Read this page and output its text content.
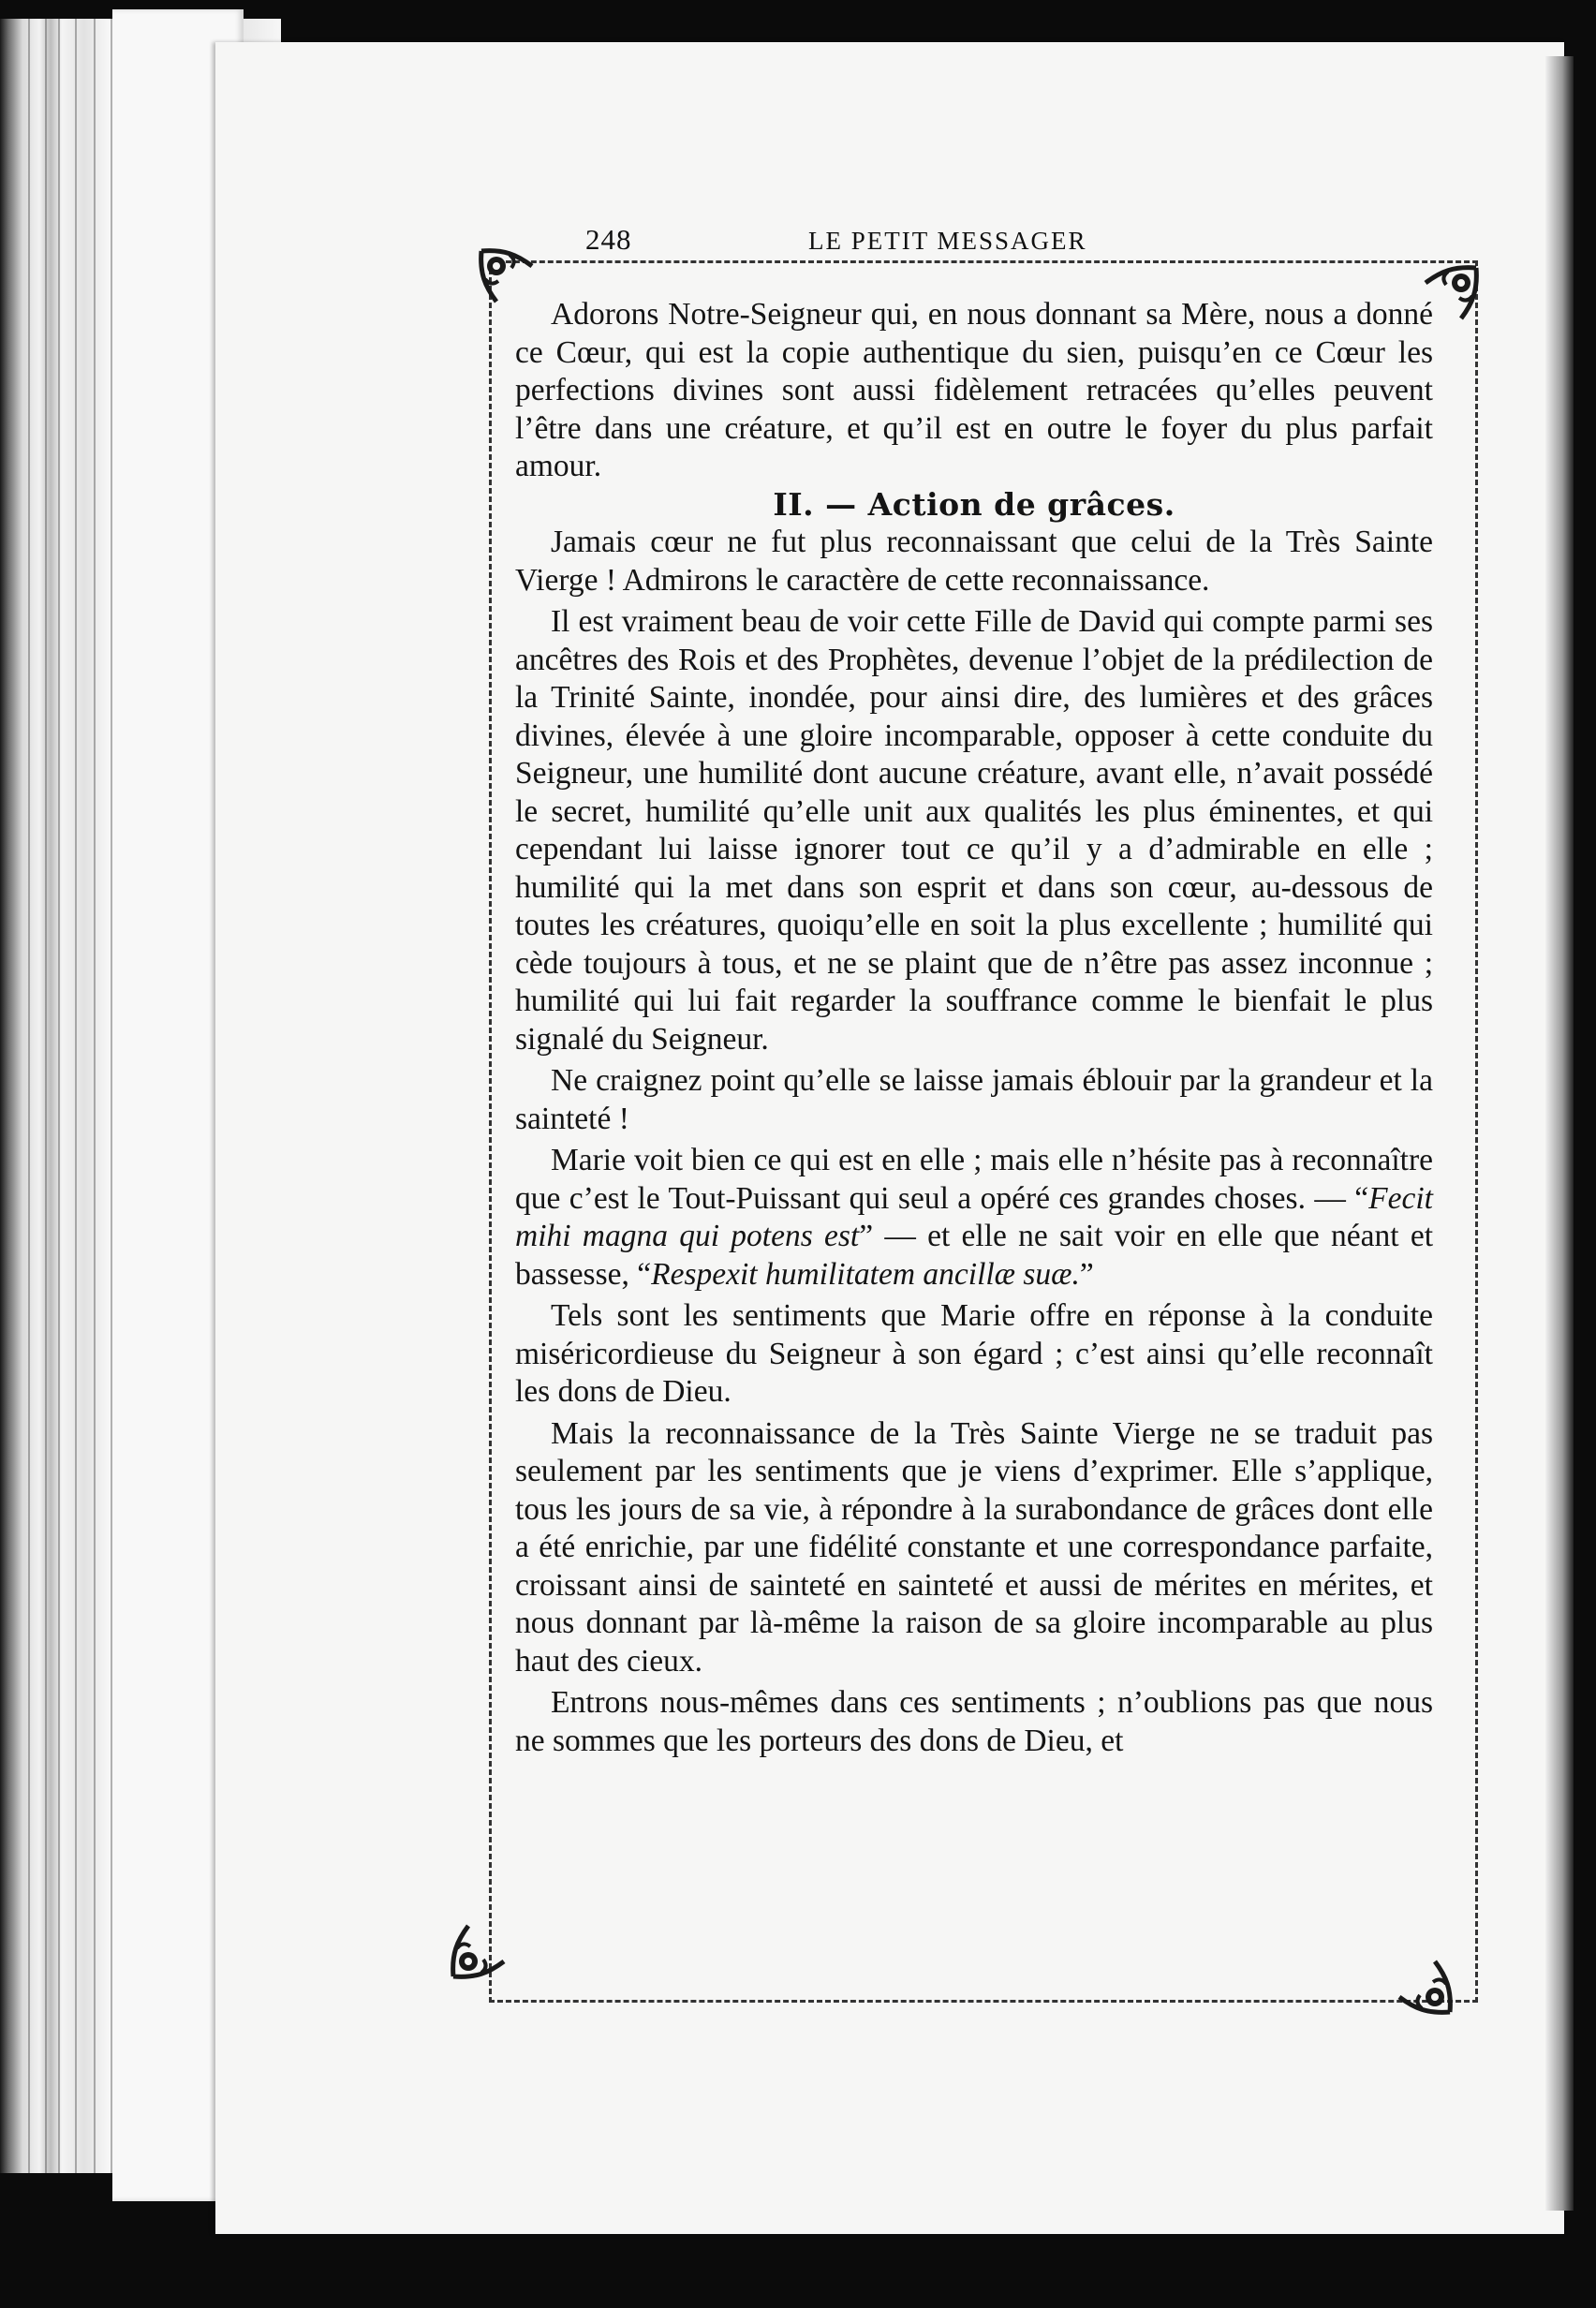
248	LE PETIT MESSAGER

Adorons Notre-Seigneur qui, en nous donnant sa Mère, nous a donné ce Cœur, qui est la copie authentique du sien, puisqu’en ce Cœur les perfections divines sont aussi fidèlement retracées qu’elles peuvent l’être dans une créature, et qu’il est en outre le foyer du plus parfait amour.

II. — Action de grâces.

Jamais cœur ne fut plus reconnaissant que celui de la Très Sainte Vierge ! Admirons le caractère de cette reconnaissance.

Il est vraiment beau de voir cette Fille de David qui compte parmi ses ancêtres des Rois et des Prophètes, devenue l’objet de la prédilection de la Trinité Sainte, inondée, pour ainsi dire, des lumières et des grâces divines, élevée à une gloire incomparable, opposer à cette conduite du Seigneur, une humilité dont aucune créature, avant elle, n’avait possédé le secret, humilité qu’elle unit aux qualités les plus éminentes, et qui cependant lui laisse ignorer tout ce qu’il y a d’admirable en elle ; humilité qui la met dans son esprit et dans son cœur, au-dessous de toutes les créatures, quoiqu’elle en soit la plus excellente ; humilité qui cède toujours à tous, et ne se plaint que de n’être pas assez inconnue ; humilité qui lui fait regarder la souffrance comme le bienfait le plus signalé du Seigneur.

Ne craignez point qu’elle se laisse jamais éblouir par la grandeur et la sainteté !

Marie voit bien ce qui est en elle ; mais elle n’hésite pas à reconnaître que c’est le Tout-Puissant qui seul a opéré ces grandes choses. — “Fecit mihi magna qui potens est” — et elle ne sait voir en elle que néant et bassesse, “Respexit humilitatem ancillæ suæ.”

Tels sont les sentiments que Marie offre en réponse à la conduite miséricordieuse du Seigneur à son égard ; c’est ainsi qu’elle reconnaît les dons de Dieu.

Mais la reconnaissance de la Très Sainte Vierge ne se traduit pas seulement par les sentiments que je viens d’exprimer. Elle s’applique, tous les jours de sa vie, à répondre à la surabondance de grâces dont elle a été enrichie, par une fidélité constante et une correspondance parfaite, croissant ainsi de sainteté en sainteté et aussi de mérites en mérites, et nous donnant par là-même la raison de sa gloire incomparable au plus haut des cieux.

Entrons nous-mêmes dans ces sentiments ; n’oublions pas que nous ne sommes que les porteurs des dons de Dieu, et
